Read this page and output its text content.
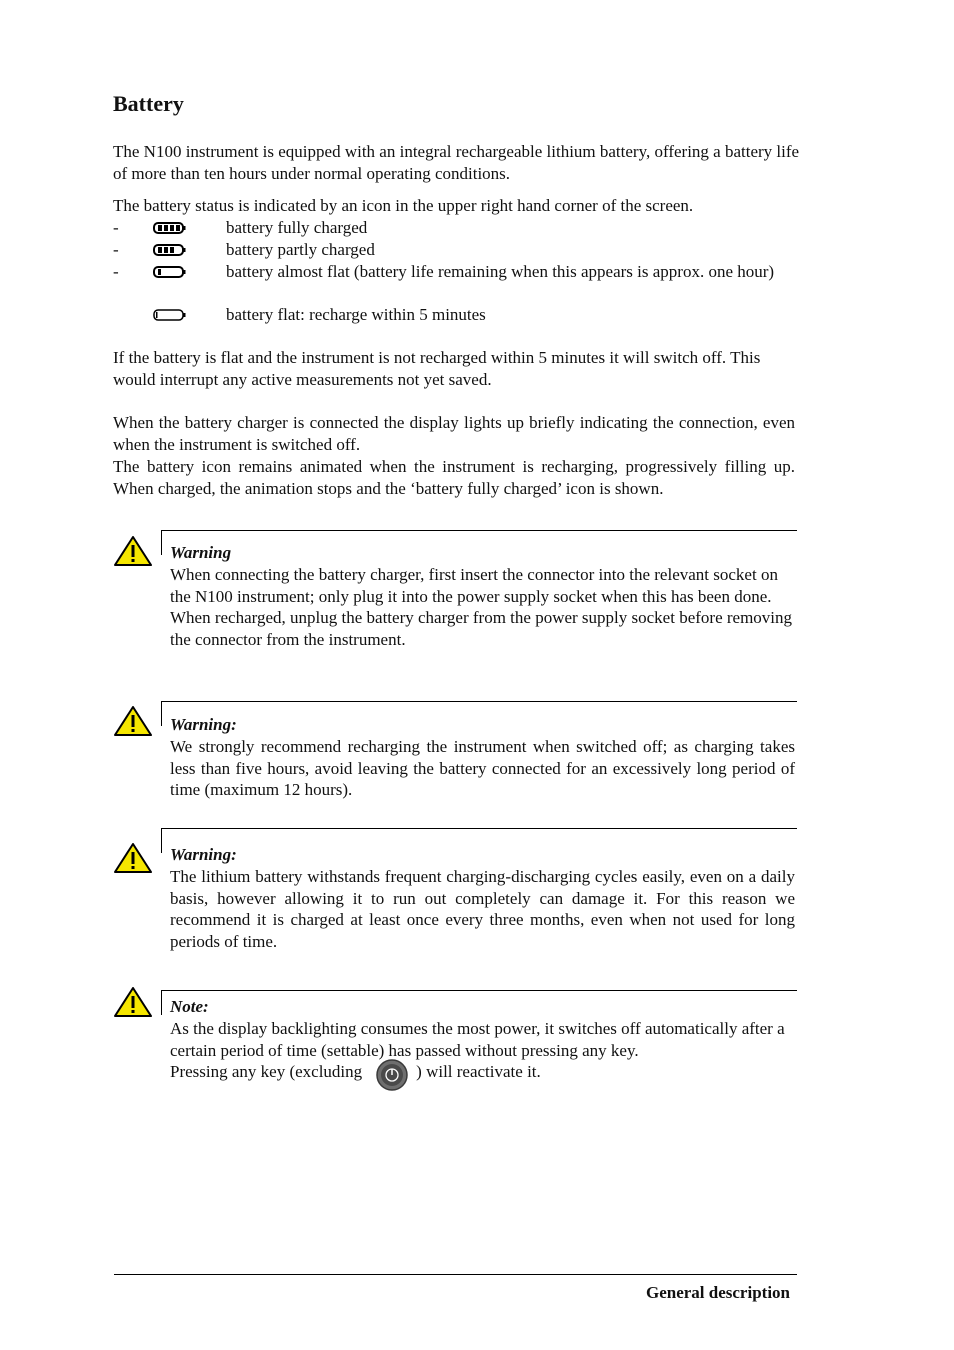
Battery

The N100 instrument is equipped with an integral rechargeable lithium battery, offering a battery life of more than ten hours under normal operating conditions.

The battery status is indicated by an icon in the upper right hand corner of the screen.

-	battery fully charged
-	battery partly charged
-	battery almost flat (battery life remaining when this appears is approx. one hour)
battery flat: recharge within 5 minutes

If the battery is flat and the instrument is not recharged within 5 minutes it will switch off. This would interrupt any active measurements not yet saved.

When the battery charger is connected the display lights up briefly indicating the connection, even when the instrument is switched off.

The battery icon remains animated when the instrument is recharging, progressively filling up. When charged, the animation stops and the ‘battery fully charged’ icon is shown.

Warning

When connecting the battery charger, first insert the connector into the relevant socket on the N100 instrument; only plug it into the power supply socket when this has been done.

When recharged, unplug the battery charger from the power supply socket before removing the connector from the instrument.

Warning:

We strongly recommend recharging the instrument when switched off; as charging takes less than five hours, avoid leaving the battery connected for an excessively long period of time (maximum 12 hours).

Warning:

The lithium battery withstands frequent charging-discharging cycles easily, even on a daily basis, however allowing it to run out completely can damage it. For this reason we recommend it is charged at least once every three months, even when not used for long periods of time.

Note:

As the display backlighting consumes the most power, it switches off automatically after a certain period of time (settable) has passed without pressing any key.

Pressing any key (excluding	) will reactivate it.

General description
